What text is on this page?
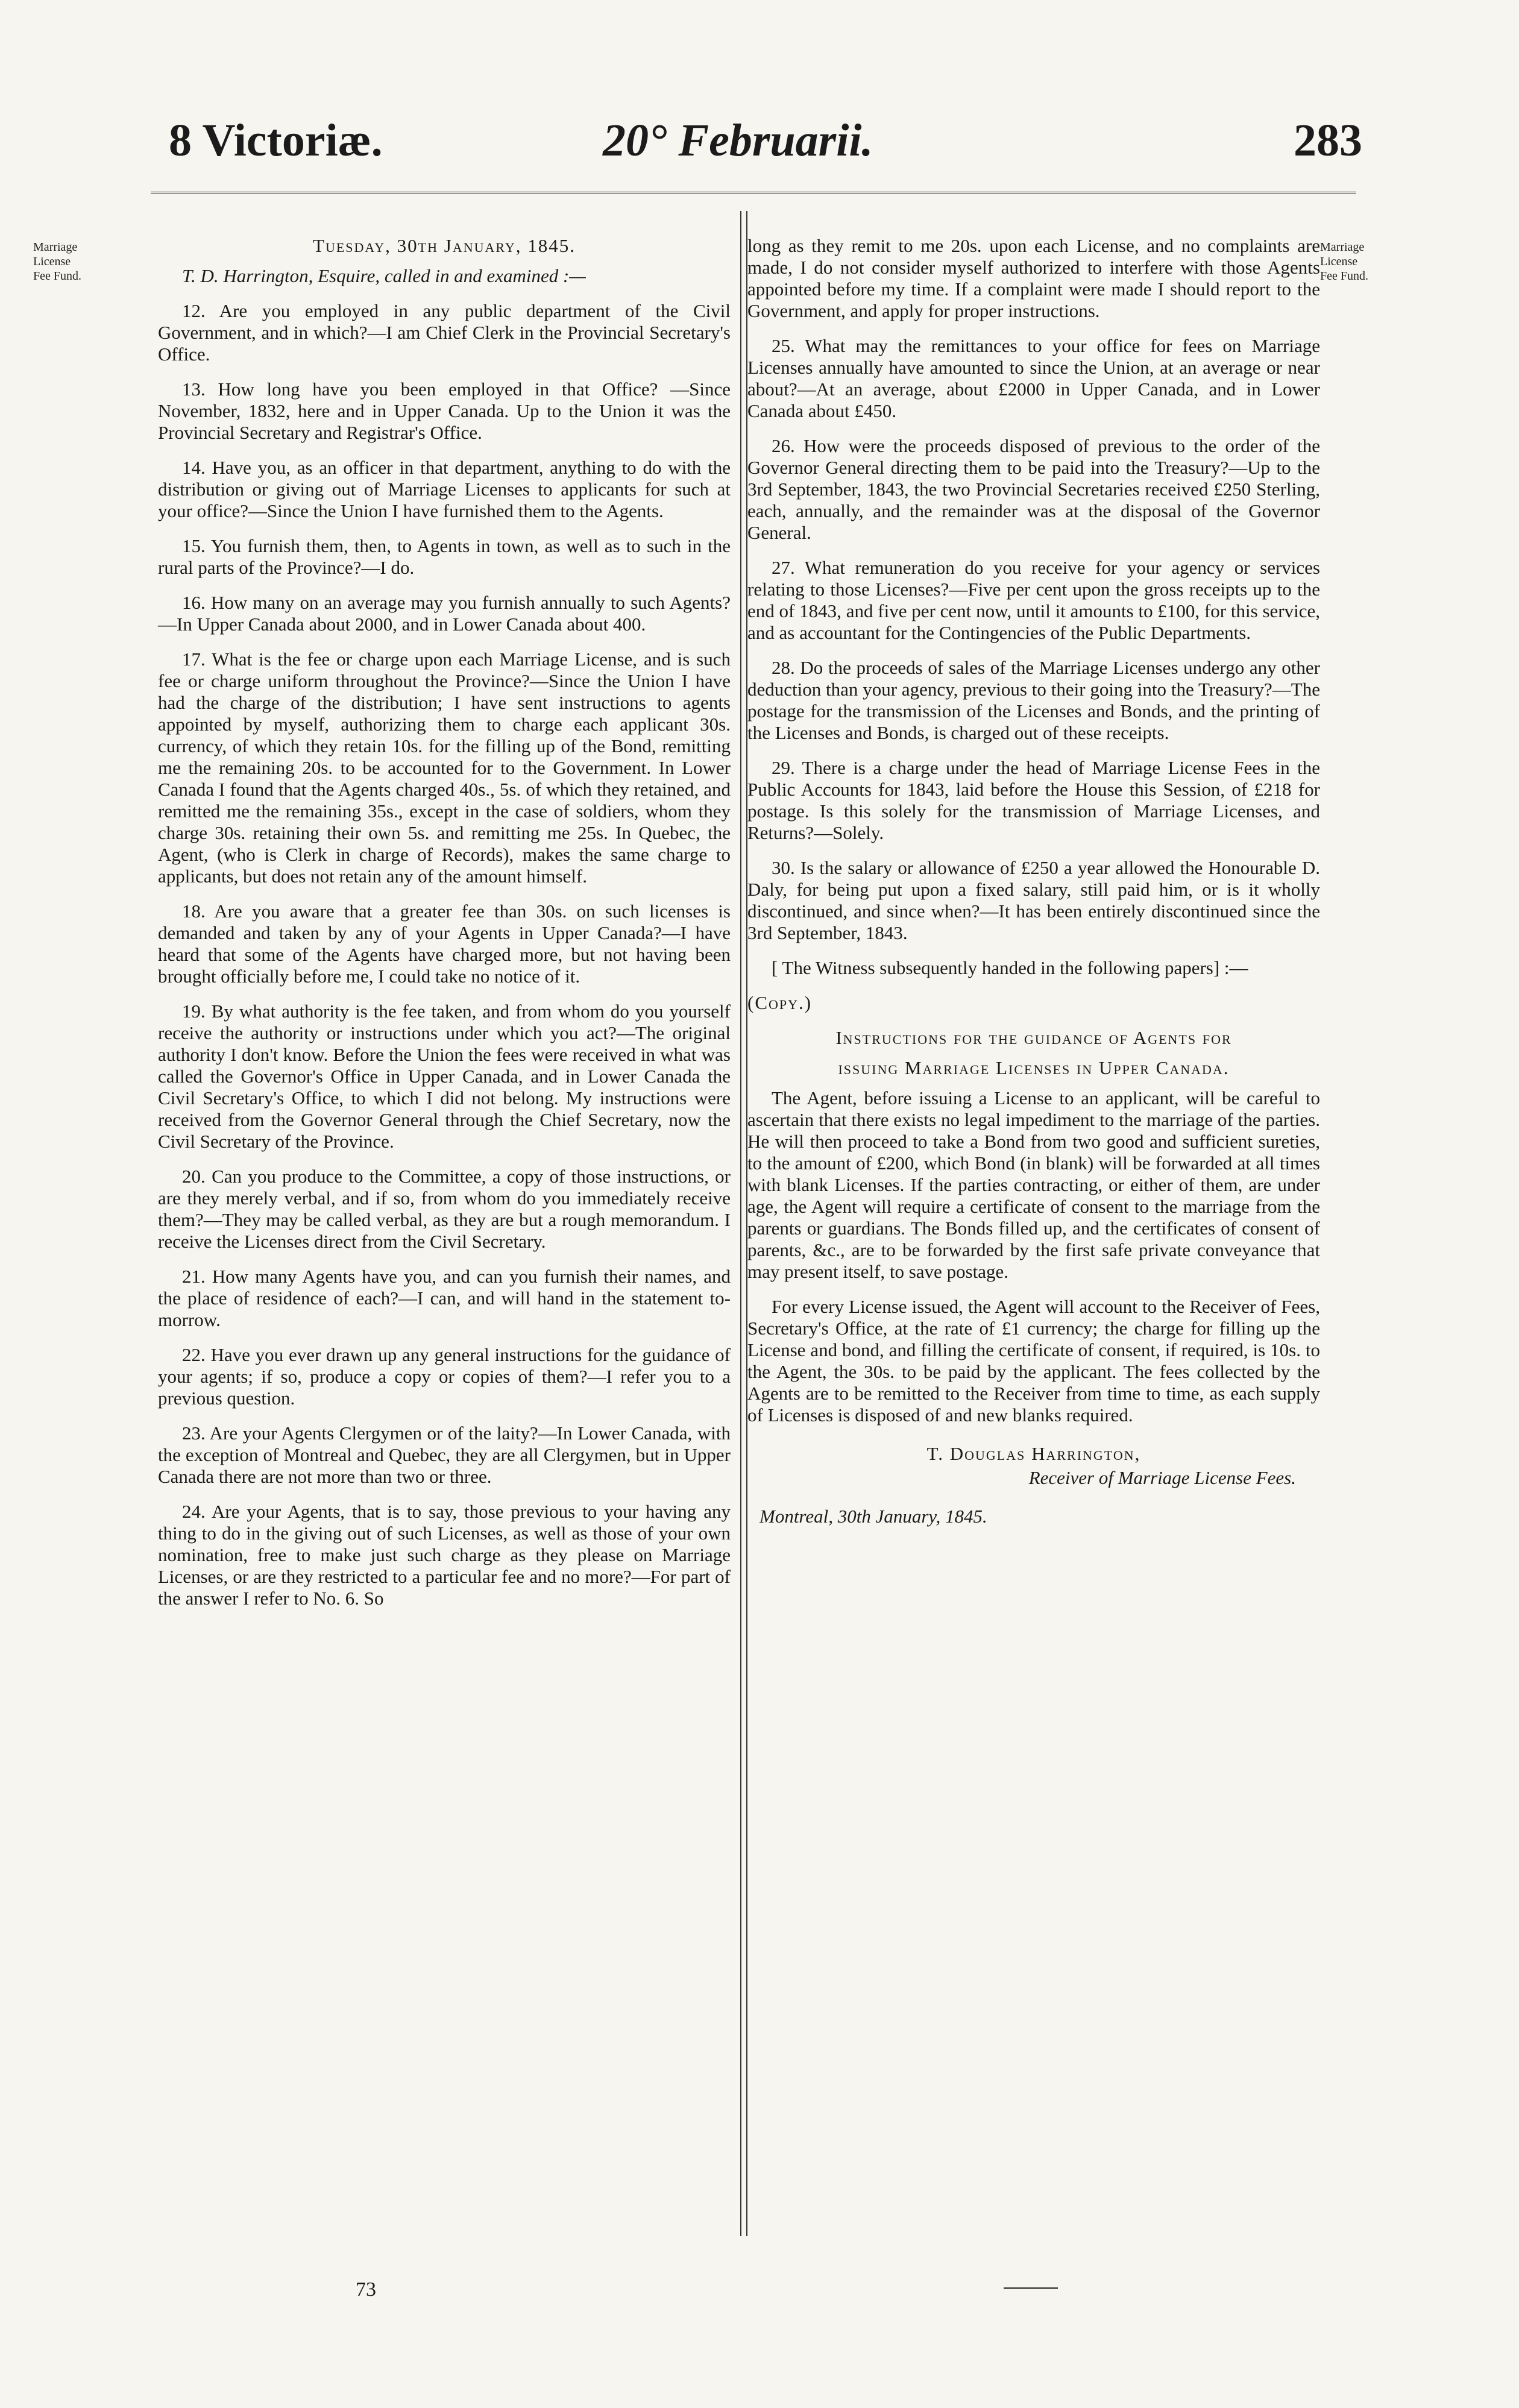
8 Victoriæ.	20° Februarii.	283
Marriage License Fee Fund.
Marriage License Fee Fund.
Tuesday, 30th January, 1845.

T. D. Harrington, Esquire, called in and examined :—

12. Are you employed in any public department of the Civil Government, and in which?—I am Chief Clerk in the Provincial Secretary's Office.

13. How long have you been employed in that Office? —Since November, 1832, here and in Upper Canada. Up to the Union it was the Provincial Secretary and Registrar's Office.

14. Have you, as an officer in that department, anything to do with the distribution or giving out of Marriage Licenses to applicants for such at your office?—Since the Union I have furnished them to the Agents.

15. You furnish them, then, to Agents in town, as well as to such in the rural parts of the Province?—I do.

16. How many on an average may you furnish annually to such Agents?—In Upper Canada about 2000, and in Lower Canada about 400.

17. What is the fee or charge upon each Marriage License, and is such fee or charge uniform throughout the Province?—Since the Union I have had the charge of the distribution; I have sent instructions to agents appointed by myself, authorizing them to charge each applicant 30s. currency, of which they retain 10s. for the filling up of the Bond, remitting me the remaining 20s. to be accounted for to the Government. In Lower Canada I found that the Agents charged 40s., 5s. of which they retained, and remitted me the remaining 35s., except in the case of soldiers, whom they charge 30s. retaining their own 5s. and remitting me 25s. In Quebec, the Agent, (who is Clerk in charge of Records), makes the same charge to applicants, but does not retain any of the amount himself.

18. Are you aware that a greater fee than 30s. on such licenses is demanded and taken by any of your Agents in Upper Canada?—I have heard that some of the Agents have charged more, but not having been brought officially before me, I could take no notice of it.

19. By what authority is the fee taken, and from whom do you yourself receive the authority or instructions under which you act?—The original authority I don't know. Before the Union the fees were received in what was called the Governor's Office in Upper Canada, and in Lower Canada the Civil Secretary's Office, to which I did not belong. My instructions were received from the Governor General through the Chief Secretary, now the Civil Secretary of the Province.

20. Can you produce to the Committee, a copy of those instructions, or are they merely verbal, and if so, from whom do you immediately receive them?—They may be called verbal, as they are but a rough memorandum. I receive the Licenses direct from the Civil Secretary.

21. How many Agents have you, and can you furnish their names, and the place of residence of each?—I can, and will hand in the statement to-morrow.

22. Have you ever drawn up any general instructions for the guidance of your agents; if so, produce a copy or copies of them?—I refer you to a previous question.

23. Are your Agents Clergymen or of the laity?—In Lower Canada, with the exception of Montreal and Quebec, they are all Clergymen, but in Upper Canada there are not more than two or three.

24. Are your Agents, that is to say, those previous to your having any thing to do in the giving out of such Licenses, as well as those of your own nomination, free to make just such charge as they please on Marriage Licenses, or are they restricted to a particular fee and no more?—For part of the answer I refer to No. 6. So

long as they remit to me 20s. upon each License, and no complaints are made, I do not consider myself authorized to interfere with those Agents appointed before my time. If a complaint were made I should report to the Government, and apply for proper instructions.

25. What may the remittances to your office for fees on Marriage Licenses annually have amounted to since the Union, at an average or near about?—At an average, about £2000 in Upper Canada, and in Lower Canada about £450.

26. How were the proceeds disposed of previous to the order of the Governor General directing them to be paid into the Treasury?—Up to the 3rd September, 1843, the two Provincial Secretaries received £250 Sterling, each, annually, and the remainder was at the disposal of the Governor General.

27. What remuneration do you receive for your agency or services relating to those Licenses?—Five per cent upon the gross receipts up to the end of 1843, and five per cent now, until it amounts to £100, for this service, and as accountant for the Contingencies of the Public Departments.

28. Do the proceeds of sales of the Marriage Licenses undergo any other deduction than your agency, previous to their going into the Treasury?—The postage for the transmission of the Licenses and Bonds, and the printing of the Licenses and Bonds, is charged out of these receipts.

29. There is a charge under the head of Marriage License Fees in the Public Accounts for 1843, laid before the House this Session, of £218 for postage. Is this solely for the transmission of Marriage Licenses, and Returns?—Solely.

30. Is the salary or allowance of £250 a year allowed the Honourable D. Daly, for being put upon a fixed salary, still paid him, or is it wholly discontinued, and since when?—It has been entirely discontinued since the 3rd September, 1843.

[ The Witness subsequently handed in the following papers] :—

(Copy.)

Instructions for the guidance of Agents for
issuing Marriage Licenses in Upper Canada.

The Agent, before issuing a License to an applicant, will be careful to ascertain that there exists no legal impediment to the marriage of the parties. He will then proceed to take a Bond from two good and sufficient sureties, to the amount of £200, which Bond (in blank) will be forwarded at all times with blank Licenses. If the parties contracting, or either of them, are under age, the Agent will require a certificate of consent to the marriage from the parents or guardians. The Bonds filled up, and the certificates of consent of parents, &c., are to be forwarded by the first safe private conveyance that may present itself, to save postage.

For every License issued, the Agent will account to the Receiver of Fees, Secretary's Office, at the rate of £1 currency; the charge for filling up the License and bond, and filling the certificate of consent, if required, is 10s. to the Agent, the 30s. to be paid by the applicant. The fees collected by the Agents are to be remitted to the Receiver from time to time, as each supply of Licenses is disposed of and new blanks required.

T. Douglas Harrington,
Receiver of Marriage License Fees.
Montreal, 30th January, 1845.
73
